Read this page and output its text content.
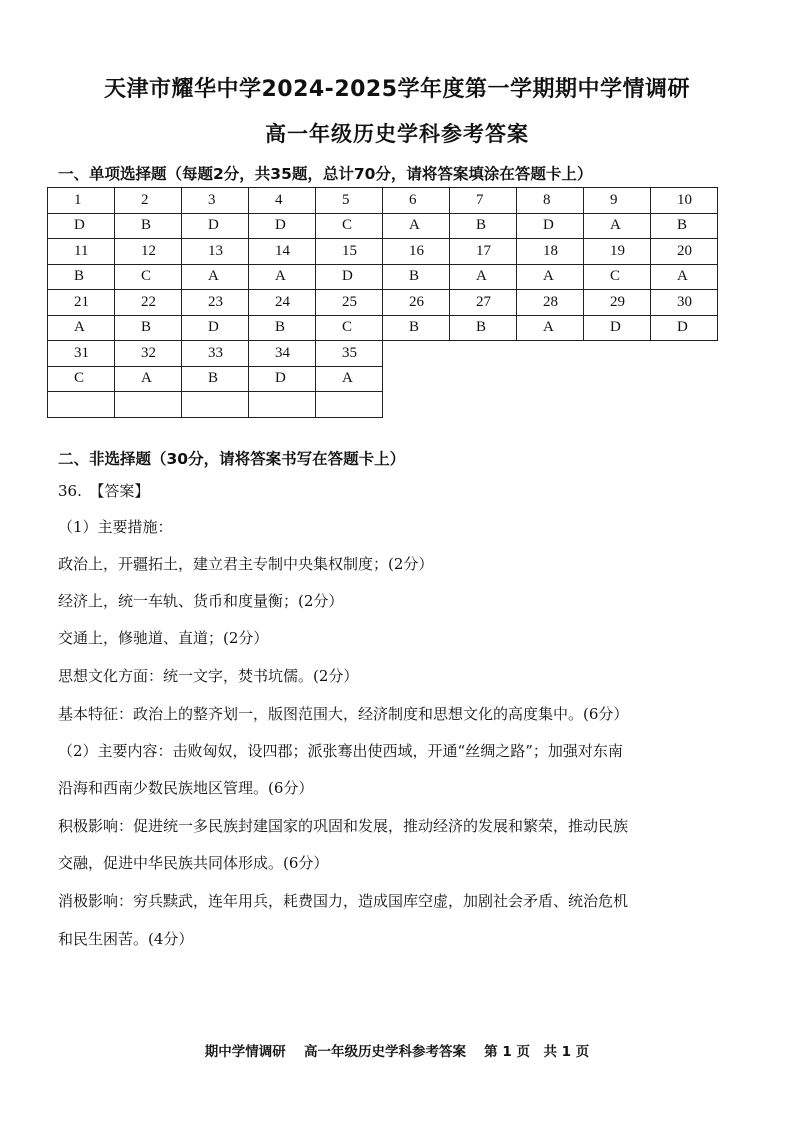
天津市耀华中学2024-2025学年度第一学期期中学情调研
高一年级历史学科参考答案
一、单项选择题（每题2分，共35题，总计70分，请将答案填涂在答题卡上）
1	2	3	4	5	6	7	8	9	10
D	B	D	D	C	A	B	D	A	B
11	12	13	14	15	16	17	18	19	20
B	C	A	A	D	B	A	A	C	A
21	22	23	24	25	26	27	28	29	30
A	B	D	B	C	B	B	A	D	D
31	32	33	34	35					
C	A	B	D	A					

二、非选择题（30分，请将答案书写在答题卡上）
36.　【答案】
（1）主要措施：
政治上，开疆拓土，建立君主专制中央集权制度；(2分）
经济上，统一车轨、货币和度量衡；(2分）
交通上，修驰道、直道；(2分）
思想文化方面：统一文字，焚书坑儒。(2分）
基本特征：政治上的整齐划一，版图范围大，经济制度和思想文化的高度集中。(6分）
（2）主要内容：击败匈奴，设四郡；派张骞出使西域，开通“丝绸之路”；加强对东南
沿海和西南少数民族地区管理。(6分）
积极影响：促进统一多民族封建国家的巩固和发展，推动经济的发展和繁荣，推动民族
交融，促进中华民族共同体形成。(6分）
消极影响：穷兵黩武，连年用兵，耗费国力，造成国库空虚，加剧社会矛盾、统治危机
和民生困苦。(4分）
期中学情调研　 高一年级历史学科参考答案　 第 1 页　共 1 页
